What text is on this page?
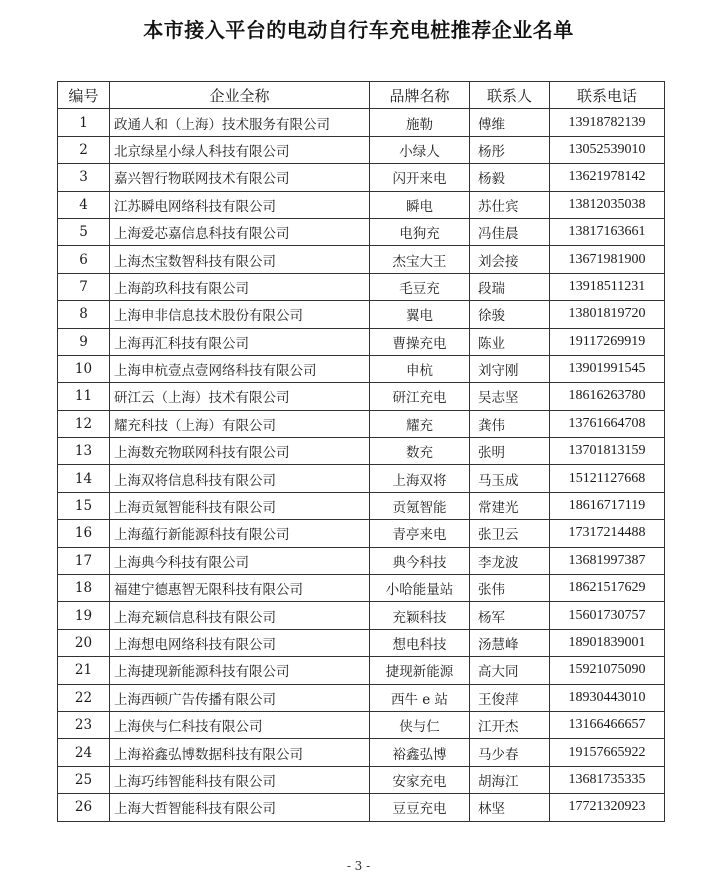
本市接入平台的电动自行车充电桩推荐企业名单
编号	企业全称	品牌名称	联系人	联系电话
1	政通人和（上海）技术服务有限公司	施勒	傅维	13918782139
2	北京绿星小绿人科技有限公司	小绿人	杨彤	13052539010
3	嘉兴智行物联网技术有限公司	闪开来电	杨毅	13621978142
4	江苏瞬电网络科技有限公司	瞬电	苏仕宾	13812035038
5	上海爱芯嘉信息科技有限公司	电狗充	冯佳晨	13817163661
6	上海杰宝数智科技有限公司	杰宝大王	刘会接	13671981900
7	上海韵玖科技有限公司	毛豆充	段瑞	13918511231
8	上海申非信息技术股份有限公司	翼电	徐骏	13801819720
9	上海再汇科技有限公司	曹操充电	陈业	19117269919
10	上海申杭壹点壹网络科技有限公司	申杭	刘守刚	13901991545
11	研江云（上海）技术有限公司	研江充电	吴志坚	18616263780
12	耀充科技（上海）有限公司	耀充	龚伟	13761664708
13	上海数充物联网科技有限公司	数充	张明	13701813159
14	上海双将信息科技有限公司	上海双将	马玉成	15121127668
15	上海贡氪智能科技有限公司	贡氪智能	常建光	18616717119
16	上海蕴行新能源科技有限公司	青亭来电	张卫云	17317214488
17	上海典今科技有限公司	典今科技	李龙波	13681997387
18	福建宁德惠智无限科技有限公司	小哈能量站	张伟	18621517629
19	上海充颖信息科技有限公司	充颖科技	杨军	15601730757
20	上海想电网络科技有限公司	想电科技	汤慧峰	18901839001
21	上海捷现新能源科技有限公司	捷现新能源	高大同	15921075090
22	上海西顿广告传播有限公司	西牛 e 站	王俊萍	18930443010
23	上海侠与仁科技有限公司	侠与仁	江开杰	13166466657
24	上海裕鑫弘博数据科技有限公司	裕鑫弘博	马少春	19157665922
25	上海巧纬智能科技有限公司	安家充电	胡海江	13681735335
26	上海大哲智能科技有限公司	豆豆充电	林坚	17721320923
- 3 -
